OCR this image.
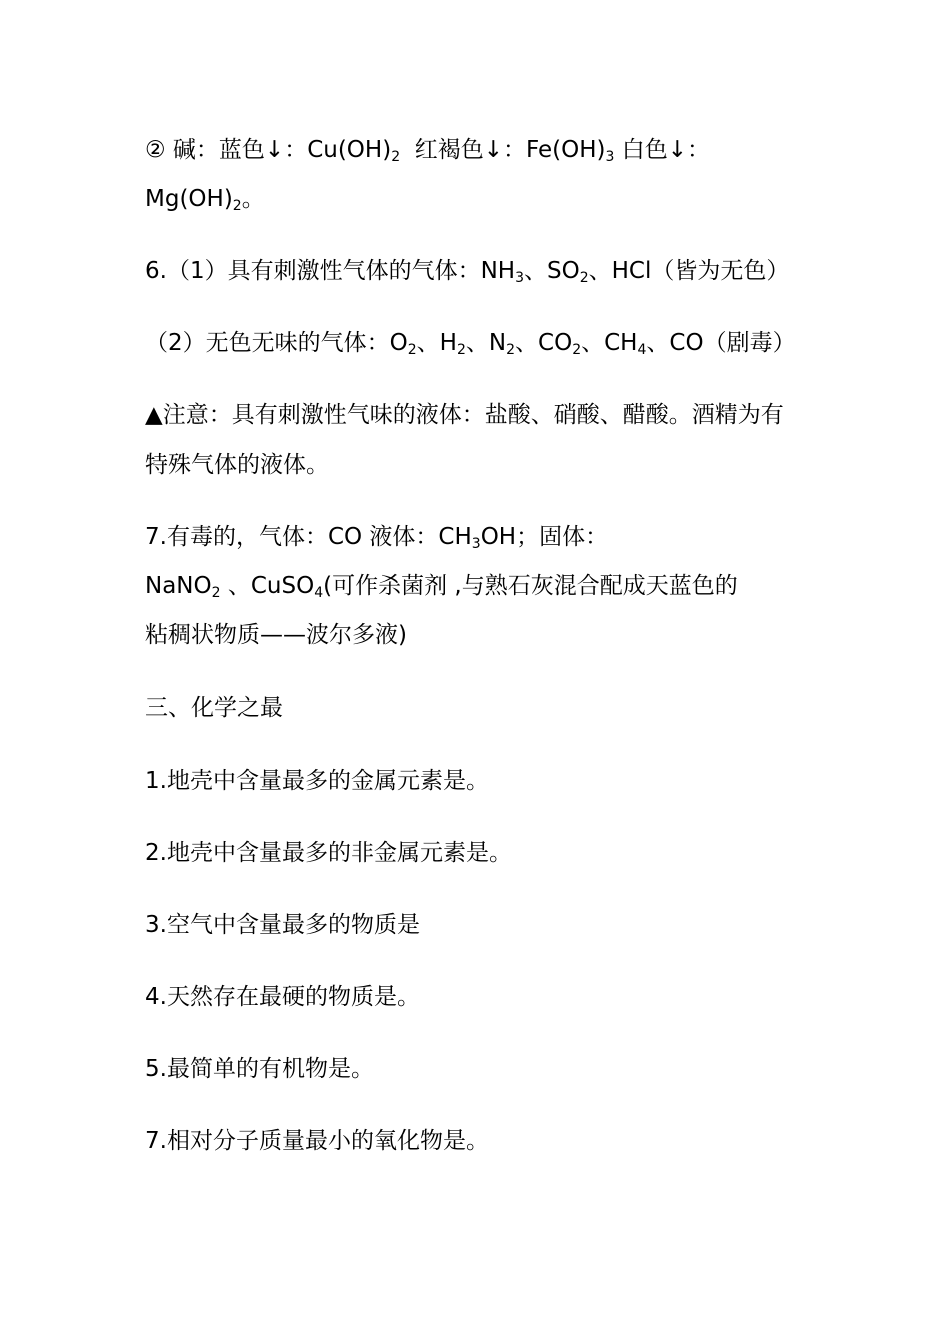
② 碱：蓝色↓：$Cu(OH)_2$  红褐色↓：$Fe(OH)_3$ 白色↓：
$Mg(OH)_2$。
6.（1）具有刺激性气体的气体：$NH_3$、$SO_2$、HCl（皆为无色）
（2）无色无味的气体：$O_2$、$H_2$、$N_2$、$CO_2$、$CH_4$、CO（剧毒）
▲注意：具有刺激性气味的液体：盐酸、硝酸、醋酸。酒精为有
特殊气体的液体。
7.有毒的，气体：CO 液体：$CH_3OH$；固体：
NaNO$_2$ 、CuSO$_4$(可作杀菌剂 ,与熟石灰混合配成天蓝色的
粘稠状物质——波尔多液)
三、化学之最
1.地壳中含量最多的金属元素是。
2.地壳中含量最多的非金属元素是。
3.空气中含量最多的物质是
4.天然存在最硬的物质是。
5.最简单的有机物是。
7.相对分子质量最小的氧化物是。
